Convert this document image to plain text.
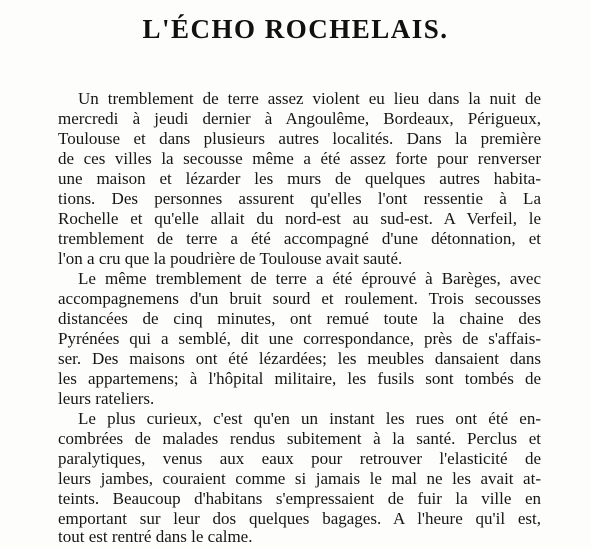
L'ÉCHO ROCHELAIS.
Un tremblement de terre assez violent eu lieu dans la nuit de
mercredi à jeudi dernier à Angoulême, Bordeaux, Périgueux,
Toulouse et dans plusieurs autres localités. Dans la première
de ces villes la secousse même a été assez forte pour renverser
une maison et lézarder les murs de quelques autres habita-
tions. Des personnes assurent qu'elles l'ont ressentie à La
Rochelle et qu'elle allait du nord-est au sud-est. A Verfeil, le
tremblement de terre a été accompagné d'une détonnation, et
l'on a cru que la poudrière de Toulouse avait sauté.
Le même tremblement de terre a été éprouvé à Barèges, avec
accompagnemens d'un bruit sourd et roulement. Trois secousses
distancées de cinq minutes, ont remué toute la chaine des
Pyrénées qui a semblé, dit une correspondance, près de s'affais-
ser. Des maisons ont été lézardées; les meubles dansaient dans
les appartemens; à l'hôpital militaire, les fusils sont tombés de
leurs rateliers.
Le plus curieux, c'est qu'en un instant les rues ont été en-
combrées de malades rendus subitement à la santé. Perclus et
paralytiques, venus aux eaux pour retrouver l'elasticité de
leurs jambes, couraient comme si jamais le mal ne les avait at-
teints. Beaucoup d'habitans s'empressaient de fuir la ville en
emportant sur leur dos quelques bagages. A l'heure qu'il est,
tout est rentré dans le calme.
